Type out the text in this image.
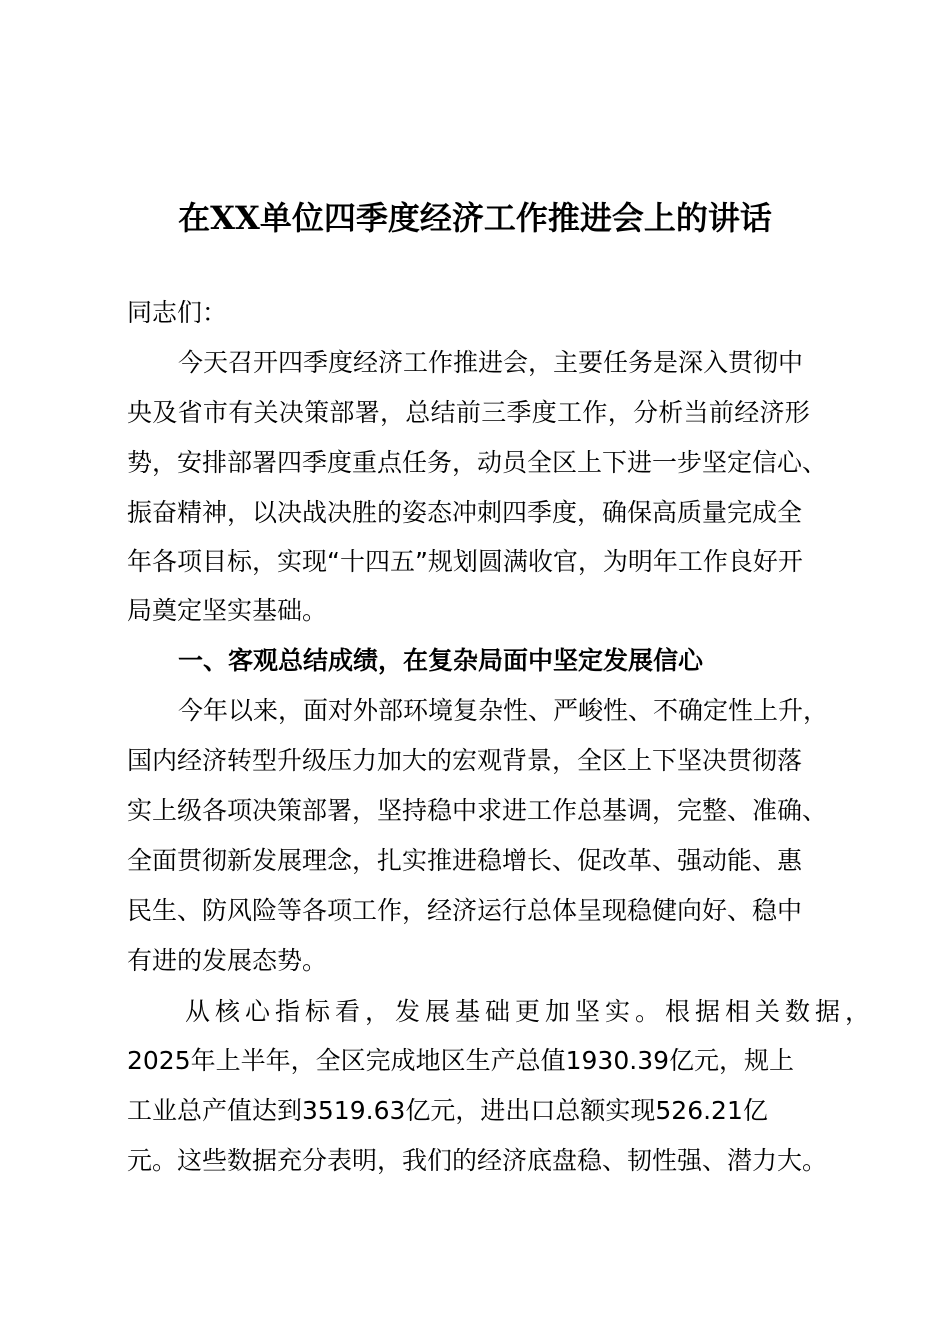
在XX单位四季度经济工作推进会上的讲话
同志们：
今天召开四季度经济工作推进会，主要任务是深入贯彻中
央及省市有关决策部署，总结前三季度工作，分析当前经济形
势，安排部署四季度重点任务，动员全区上下进一步坚定信心、
振奋精神，以决战决胜的姿态冲刺四季度，确保高质量完成全
年各项目标，实现“十四五”规划圆满收官，为明年工作良好开
局奠定坚实基础。
一、客观总结成绩，在复杂局面中坚定发展信心
今年以来，面对外部环境复杂性、严峻性、不确定性上升，
国内经济转型升级压力加大的宏观背景，全区上下坚决贯彻落
实上级各项决策部署，坚持稳中求进工作总基调，完整、准确、
全面贯彻新发展理念，扎实推进稳增长、促改革、强动能、惠
民生、防风险等各项工作，经济运行总体呈现稳健向好、稳中
有进的发展态势。
从核心指标看，发展基础更加坚实。根据相关数据，
2025年上半年，全区完成地区生产总值1930.39亿元，规上
工业总产值达到3519.63亿元，进出口总额实现526.21亿
元。这些数据充分表明，我们的经济底盘稳、韧性强、潜力大。
